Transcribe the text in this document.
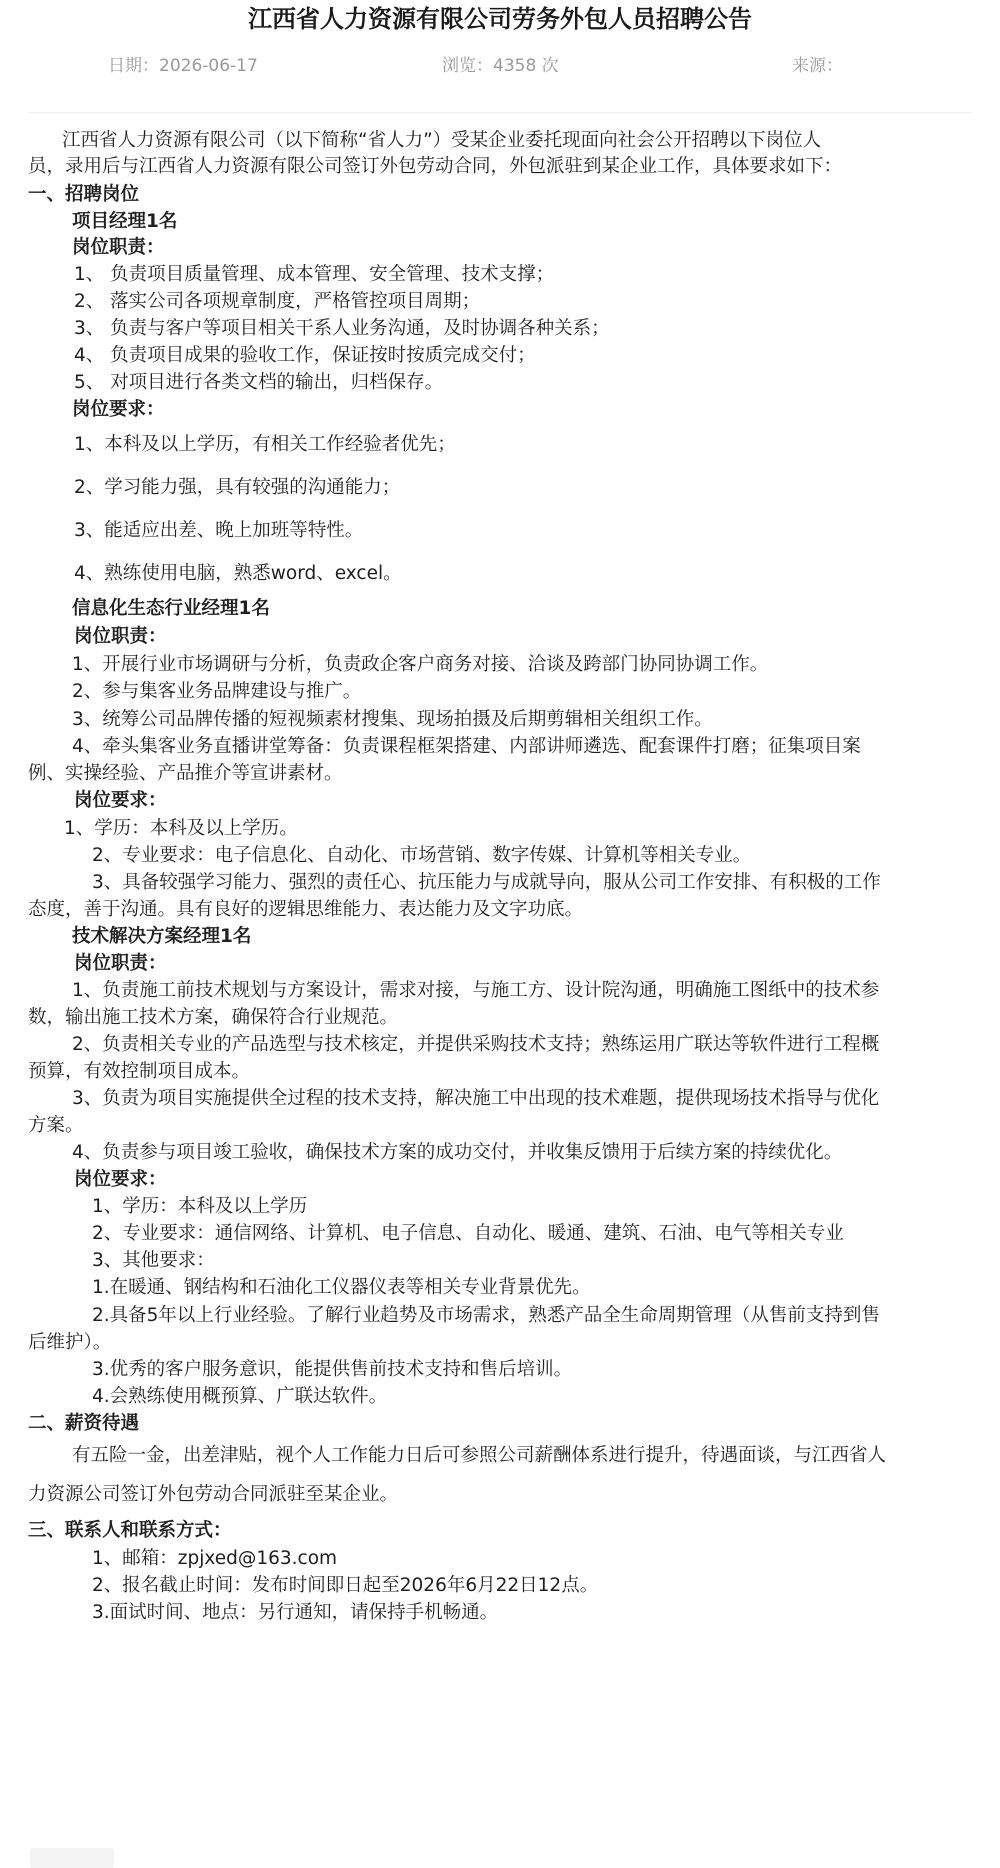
江西省人力资源有限公司劳务外包人员招聘公告
日期：2026-06-17	浏览：4358 次	来源：
江西省人力资源有限公司（以下简称“省人力”）受某企业委托现面向社会公开招聘以下岗位人
员，录用后与江西省人力资源有限公司签订外包劳动合同，外包派驻到某企业工作，具体要求如下：
一、招聘岗位
项目经理1名
岗位职责：
1、 负责项目质量管理、成本管理、安全管理、技术支撑；
2、 落实公司各项规章制度，严格管控项目周期；
3、 负责与客户等项目相关干系人业务沟通，及时协调各种关系；
4、 负责项目成果的验收工作，保证按时按质完成交付；
5、 对项目进行各类文档的输出，归档保存。
岗位要求：
1、本科及以上学历，有相关工作经验者优先；
2、学习能力强，具有较强的沟通能力；
3、能适应出差、晚上加班等特性。
4、熟练使用电脑，熟悉word、excel。
信息化生态行业经理1名
岗位职责：
1、开展行业市场调研与分析，负责政企客户商务对接、洽谈及跨部门协同协调工作。
2、参与集客业务品牌建设与推广。
3、统筹公司品牌传播的短视频素材搜集、现场拍摄及后期剪辑相关组织工作。
4、牵头集客业务直播讲堂筹备：负责课程框架搭建、内部讲师遴选、配套课件打磨；征集项目案
例、实操经验、产品推介等宣讲素材。
岗位要求：
1、学历：本科及以上学历。
2、专业要求：电子信息化、自动化、市场营销、数字传媒、计算机等相关专业。
3、具备较强学习能力、强烈的责任心、抗压能力与成就导向，服从公司工作安排、有积极的工作
态度，善于沟通。具有良好的逻辑思维能力、表达能力及文字功底。
技术解决方案经理1名
岗位职责：
1、负责施工前技术规划与方案设计，需求对接，与施工方、设计院沟通，明确施工图纸中的技术参
数，输出施工技术方案，确保符合行业规范。
2、负责相关专业的产品选型与技术核定，并提供采购技术支持；熟练运用广联达等软件进行工程概
预算，有效控制项目成本。
3、负责为项目实施提供全过程的技术支持，解决施工中出现的技术难题，提供现场技术指导与优化
方案。
4、负责参与项目竣工验收，确保技术方案的成功交付，并收集反馈用于后续方案的持续优化。
岗位要求：
1、学历：本科及以上学历
2、专业要求：通信网络、计算机、电子信息、自动化、暖通、建筑、石油、电气等相关专业
3、其他要求：
1.在暖通、钢结构和石油化工仪器仪表等相关专业背景优先。
2.具备5年以上行业经验。了解行业趋势及市场需求，熟悉产品全生命周期管理（从售前支持到售
后维护）。
3.优秀的客户服务意识，能提供售前技术支持和售后培训。
4.会熟练使用概预算、广联达软件。
二、薪资待遇
有五险一金，出差津贴，视个人工作能力日后可参照公司薪酬体系进行提升，待遇面谈，与江西省人
力资源公司签订外包劳动合同派驻至某企业。
三、联系人和联系方式：
1、邮箱：zpjxed@163.com
2、报名截止时间：发布时间即日起至2026年6月22日12点。
3.面试时间、地点：另行通知，请保持手机畅通。
